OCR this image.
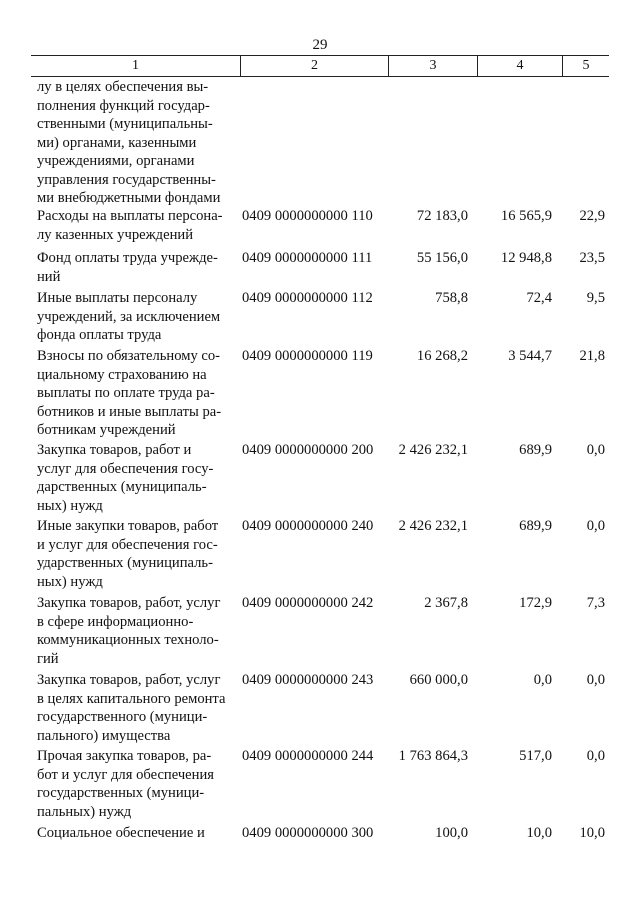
29
1	2	3	4	5
лу в целях обеспечения вы-
полнения функций государ-
ственными (муниципальны-
ми) органами, казенными
учреждениями, органами
управления государственны-
ми внебюджетными фондами
Расходы на выплаты персона-
лу казенных учреждений
0409 0000000000 110	72 183,0	16 565,9	22,9
Фонд оплаты труда учрежде-
ний
0409 0000000000 111	55 156,0	12 948,8	23,5
Иные выплаты персоналу
учреждений, за исключением
фонда оплаты труда
0409 0000000000 112	758,8	72,4	9,5
Взносы по обязательному со-
циальному страхованию на
выплаты по оплате труда ра-
ботников и иные выплаты ра-
ботникам учреждений
0409 0000000000 119	16 268,2	3 544,7	21,8
Закупка товаров, работ и
услуг для обеспечения госу-
дарственных (муниципаль-
ных) нужд
0409 0000000000 200	2 426 232,1	689,9	0,0
Иные закупки товаров, работ
и услуг для обеспечения гос-
ударственных (муниципаль-
ных) нужд
0409 0000000000 240	2 426 232,1	689,9	0,0
Закупка товаров, работ, услуг
в сфере информационно-
коммуникационных техноло-
гий
0409 0000000000 242	2 367,8	172,9	7,3
Закупка товаров, работ, услуг
в целях капитального ремонта
государственного (муници-
пального) имущества
0409 0000000000 243	660 000,0	0,0	0,0
Прочая закупка товаров, ра-
бот и услуг для обеспечения
государственных (муници-
пальных) нужд
0409 0000000000 244	1 763 864,3	517,0	0,0
Социальное обеспечение и	0409 0000000000 300	100,0	10,0	10,0
